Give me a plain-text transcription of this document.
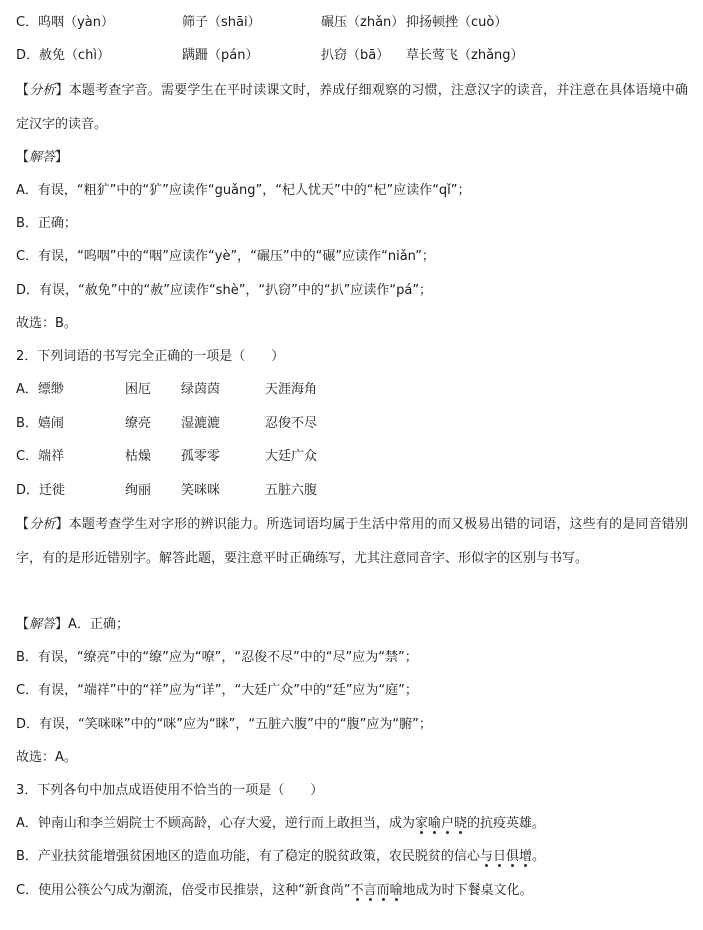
C．呜咽（yàn）	筛子（shāi）	碾压（zhǎn） 抑扬顿挫（cuò）
D．赦免（chì）	蹒跚（pán）	扒窃（bā） 草长莺飞（zhǎng）
【分析】本题考查字音。需要学生在平时读课文时，养成仔细观察的习惯，注意汉字的读音，并注意在具体语境中确定汉字的读音。
【解答】
A．有误，“粗犷”中的“犷”应读作“guǎng”，“杞人忧天”中的“杞”应读作“qǐ”；
B．正确；
C．有误，“呜咽”中的“咽”应读作“yè”，“碾压”中的“碾”应读作“niǎn”；
D．有误，“赦免”中的“赦”应读作“shè”，“扒窃”中的“扒”应读作“pá”；
故选：B。
2．下列词语的书写完全正确的一项是（　　）
A．缥缈	困厄 绿茵茵	天涯海角
B．嬉闹	缭亮 湿漉漉	忍俊不尽
C．端祥	枯燥 孤零零	大廷广众
D．迁徙	绚丽 笑咪咪	五脏六腹
【分析】本题考查学生对字形的辨识能力。所选词语均属于生活中常用的而又极易出错的词语，这些有的是同音错别字，有的是形近错别字。解答此题，要注意平时正确练写，尤其注意同音字、形似字的区别与书写。
【解答】A．正确；
B．有误，“缭亮”中的“缭”应为“嘹”，“忍俊不尽”中的“尽”应为“禁”；
C．有误，“端祥”中的“祥”应为“详”，“大廷广众”中的“廷”应为“庭”；
D．有误，“笑咪咪”中的“咪”应为“眯”，“五脏六腹”中的“腹”应为“腑”；
故选：A。
3．下列各句中加点成语使用不恰当的一项是（　　）
A．钟南山和李兰娟院士不顾高龄，心存大爱，逆行而上敢担当，成为家喻户晓的抗疫英雄。
B．产业扶贫能增强贫困地区的造血功能，有了稳定的脱贫政策，农民脱贫的信心与日俱增。
C．使用公筷公勺成为潮流，倍受市民推崇，这种“新食尚”不言而喻地成为时下餐桌文化。
